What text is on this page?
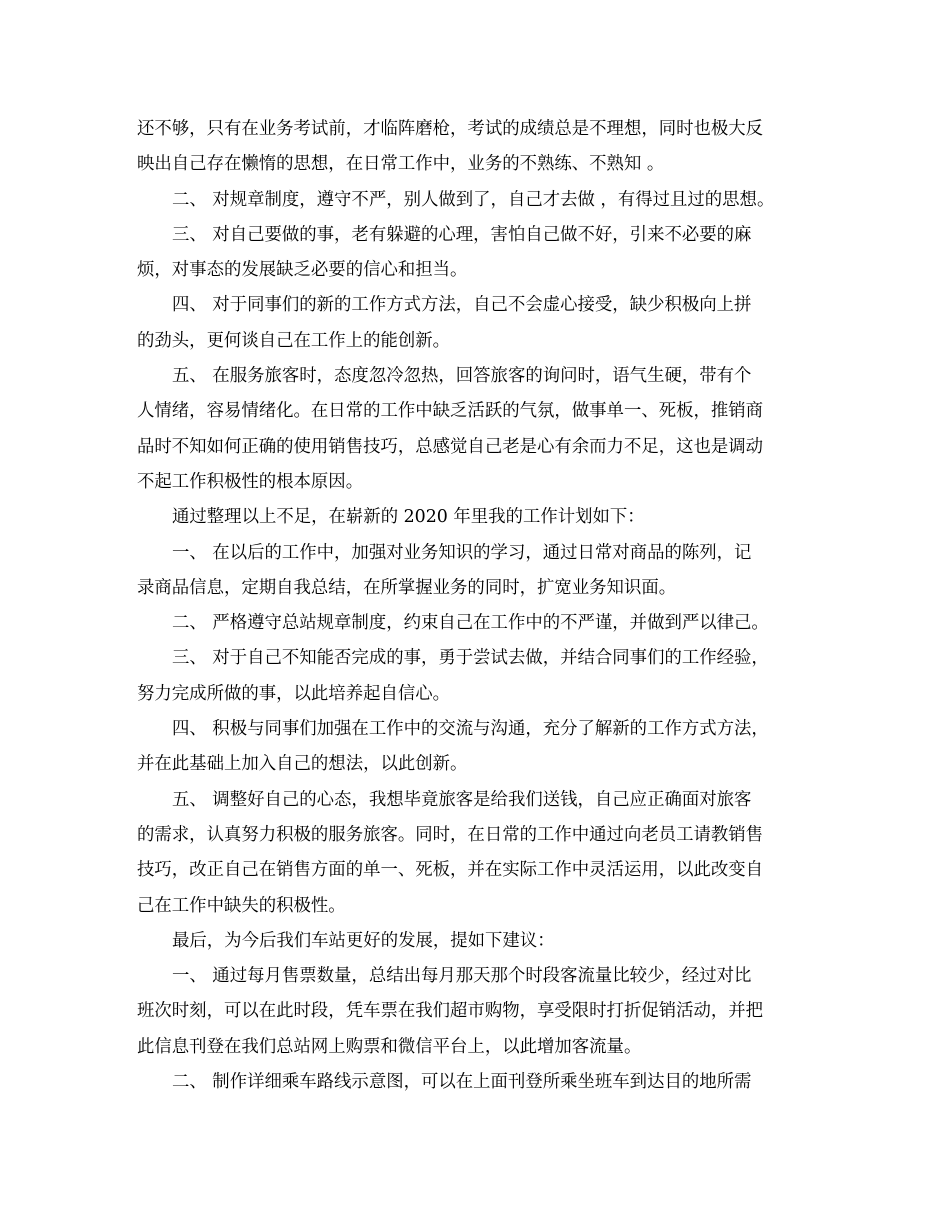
还不够，只有在业务考试前，才临阵磨枪，考试的成绩总是不理想，同时也极大反
映出自己存在懒惰的思想，在日常工作中，业务的不熟练、不熟知 。
二、 对规章制度，遵守不严，别人做到了，自己才去做 ，有得过且过的思想。
三、 对自己要做的事，老有躲避的心理，害怕自己做不好，引来不必要的麻
烦，对事态的发展缺乏必要的信心和担当。
四、 对于同事们的新的工作方式方法，自己不会虚心接受，缺少积极向上拼
的劲头，更何谈自己在工作上的能创新。
五、 在服务旅客时，态度忽冷忽热，回答旅客的询问时，语气生硬，带有个
人情绪，容易情绪化。在日常的工作中缺乏活跃的气氛，做事单一、死板，推销商
品时不知如何正确的使用销售技巧，总感觉自己老是心有余而力不足，这也是调动
不起工作积极性的根本原因。
通过整理以上不足，在崭新的 2020 年里我的工作计划如下：
一、 在以后的工作中，加强对业务知识的学习，通过日常对商品的陈列，记
录商品信息，定期自我总结，在所掌握业务的同时，扩宽业务知识面。
二、 严格遵守总站规章制度，约束自己在工作中的不严谨，并做到严以律己。
三、 对于自己不知能否完成的事，勇于尝试去做，并结合同事们的工作经验，
努力完成所做的事，以此培养起自信心。
四、 积极与同事们加强在工作中的交流与沟通，充分了解新的工作方式方法，
并在此基础上加入自己的想法，以此创新。
五、 调整好自己的心态，我想毕竟旅客是给我们送钱，自己应正确面对旅客
的需求，认真努力积极的服务旅客。同时，在日常的工作中通过向老员工请教销售
技巧，改正自己在销售方面的单一、死板，并在实际工作中灵活运用，以此改变自
己在工作中缺失的积极性。
最后，为今后我们车站更好的发展，提如下建议：
一、 通过每月售票数量，总结出每月那天那个时段客流量比较少，经过对比
班次时刻，可以在此时段，凭车票在我们超市购物，享受限时打折促销活动，并把
此信息刊登在我们总站网上购票和微信平台上，以此增加客流量。
二、 制作详细乘车路线示意图，可以在上面刊登所乘坐班车到达目的地所需
